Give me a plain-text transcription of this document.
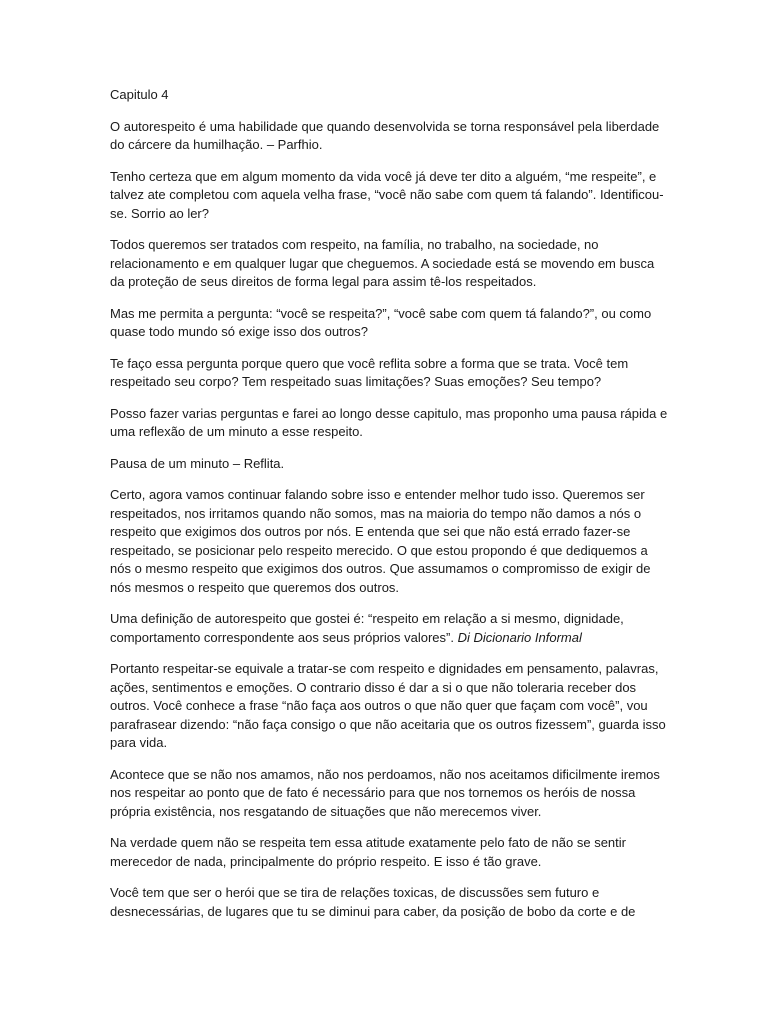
Capitulo 4

O autorespeito é uma habilidade que quando desenvolvida se torna responsável pela liberdade do cárcere da humilhação. – Parfhio.

Tenho certeza que em algum momento da vida você já deve ter dito a alguém, “me respeite”, e talvez ate completou com aquela velha frase, “você não sabe com quem tá falando”. Identificou-se. Sorrio ao ler?

Todos queremos ser tratados com respeito, na família, no trabalho, na sociedade, no relacionamento e em qualquer lugar que cheguemos. A sociedade está se movendo em busca da proteção de seus direitos de forma legal para assim tê-los respeitados.

Mas me permita a pergunta: “você se respeita?”, “você sabe com quem tá falando?”, ou como quase todo mundo só exige isso dos outros?

Te faço essa pergunta porque quero que você reflita sobre a forma que se trata. Você tem respeitado seu corpo? Tem respeitado suas limitações? Suas emoções? Seu tempo?

Posso fazer varias perguntas e farei ao longo desse capitulo, mas proponho uma pausa rápida e uma reflexão de um minuto a esse respeito.

Pausa de um minuto – Reflita.

Certo, agora vamos continuar falando sobre isso e entender melhor tudo isso. Queremos ser respeitados, nos irritamos quando não somos, mas na maioria do tempo não damos a nós o respeito que exigimos dos outros por nós. E entenda que sei que não está errado fazer-se respeitado, se posicionar pelo respeito merecido. O que estou propondo é que dediquemos a nós o mesmo respeito que exigimos dos outros. Que assumamos o compromisso de exigir de nós mesmos o respeito que queremos dos outros.

Uma definição de autorespeito que gostei é: “respeito em relação a si mesmo, dignidade, comportamento correspondente aos seus próprios valores”. Di Dicionario Informal

Portanto respeitar-se equivale a tratar-se com respeito e dignidades em pensamento, palavras, ações, sentimentos e emoções. O contrario disso é dar a si o que não toleraria receber dos outros. Você conhece a frase “não faça aos outros o que não quer que façam com você”, vou parafrasear dizendo: “não faça consigo o que não aceitaria que os outros fizessem”, guarda isso para vida.

Acontece que se não nos amamos, não nos perdoamos, não nos aceitamos dificilmente iremos nos respeitar ao ponto que de fato é necessário para que nos tornemos os heróis de nossa própria existência, nos resgatando de situações que não merecemos viver.

Na verdade quem não se respeita tem essa atitude exatamente pelo fato de não se sentir merecedor de nada, principalmente do próprio respeito. E isso é tão grave.

Você tem que ser o herói que se tira de relações toxicas, de discussões sem futuro e desnecessárias, de lugares que tu se diminui para caber, da posição de bobo da corte e de
